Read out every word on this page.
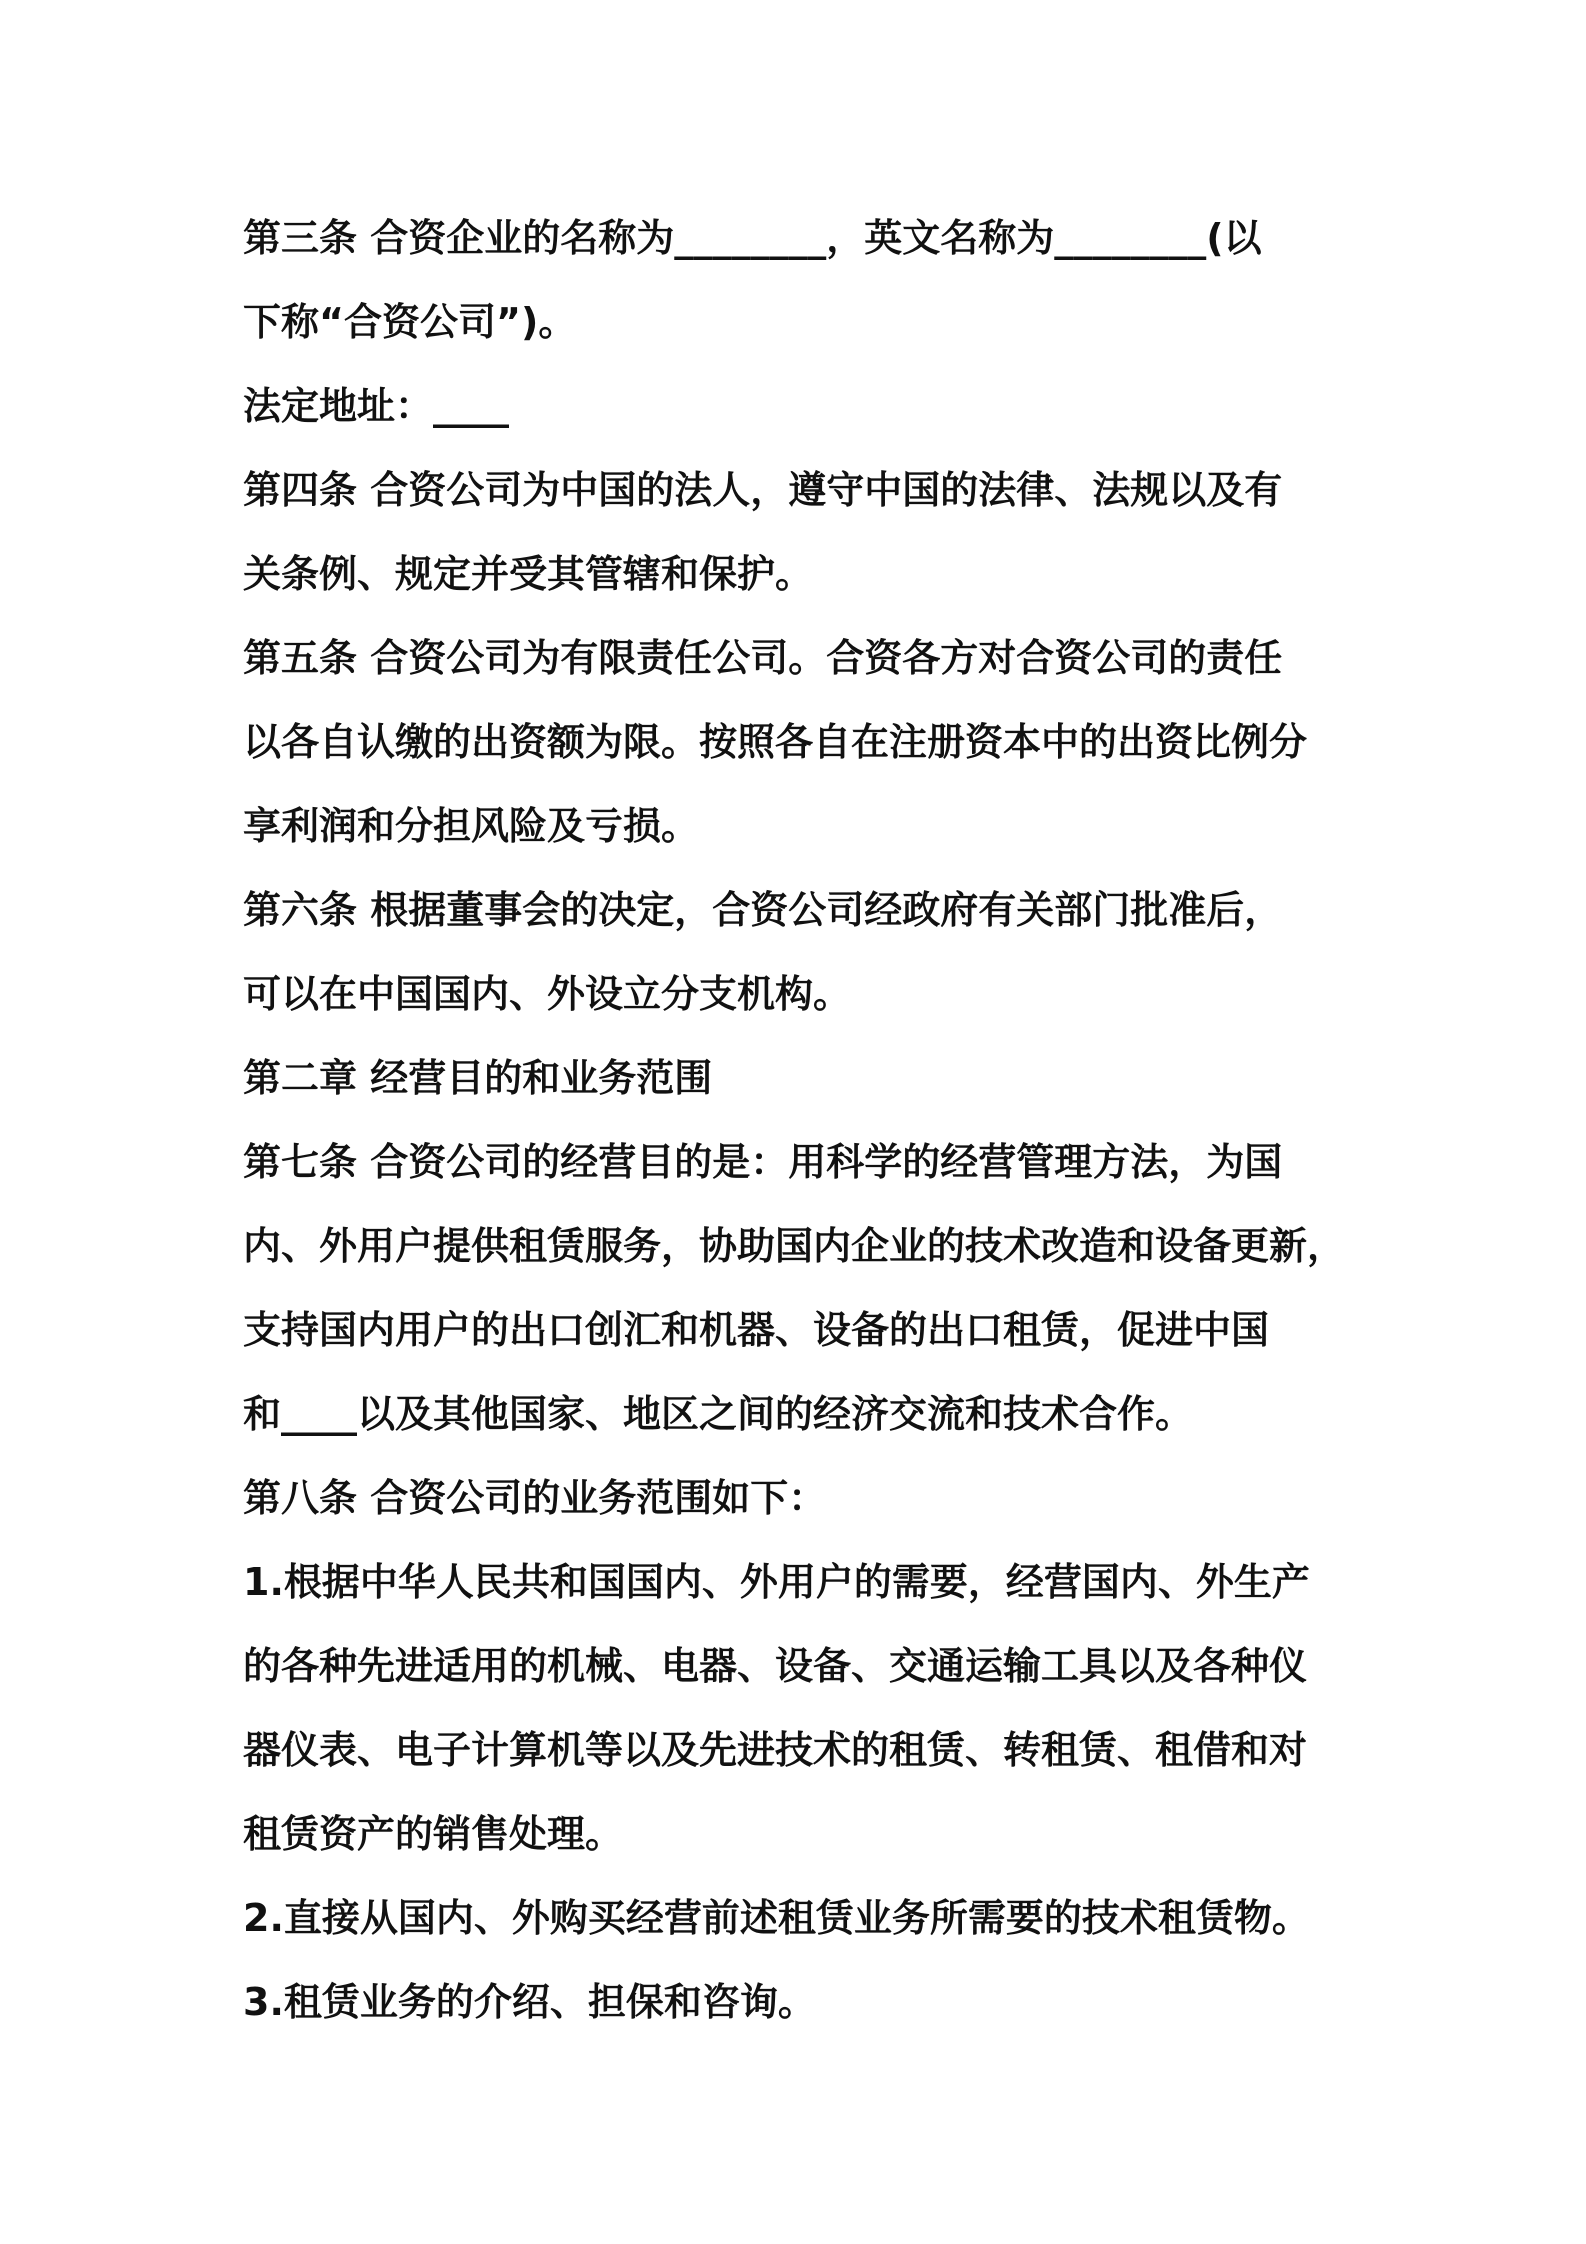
第三条 合资企业的名称为________，英文名称为________(以
下称“合资公司”)。
法定地址：____
第四条 合资公司为中国的法人，遵守中国的法律、法规以及有
关条例、规定并受其管辖和保护。
第五条 合资公司为有限责任公司。合资各方对合资公司的责任
以各自认缴的出资额为限。按照各自在注册资本中的出资比例分
享利润和分担风险及亏损。
第六条 根据董事会的决定，合资公司经政府有关部门批准后，
可以在中国国内、外设立分支机构。
第二章 经营目的和业务范围
第七条 合资公司的经营目的是：用科学的经营管理方法，为国
内、外用户提供租赁服务，协助国内企业的技术改造和设备更新，
支持国内用户的出口创汇和机器、设备的出口租赁，促进中国
和____以及其他国家、地区之间的经济交流和技术合作。
第八条 合资公司的业务范围如下：
1.根据中华人民共和国国内、外用户的需要，经营国内、外生产
的各种先进适用的机械、电器、设备、交通运输工具以及各种仪
器仪表、电子计算机等以及先进技术的租赁、转租赁、租借和对
租赁资产的销售处理。
2.直接从国内、外购买经营前述租赁业务所需要的技术租赁物。
3.租赁业务的介绍、担保和咨询。
